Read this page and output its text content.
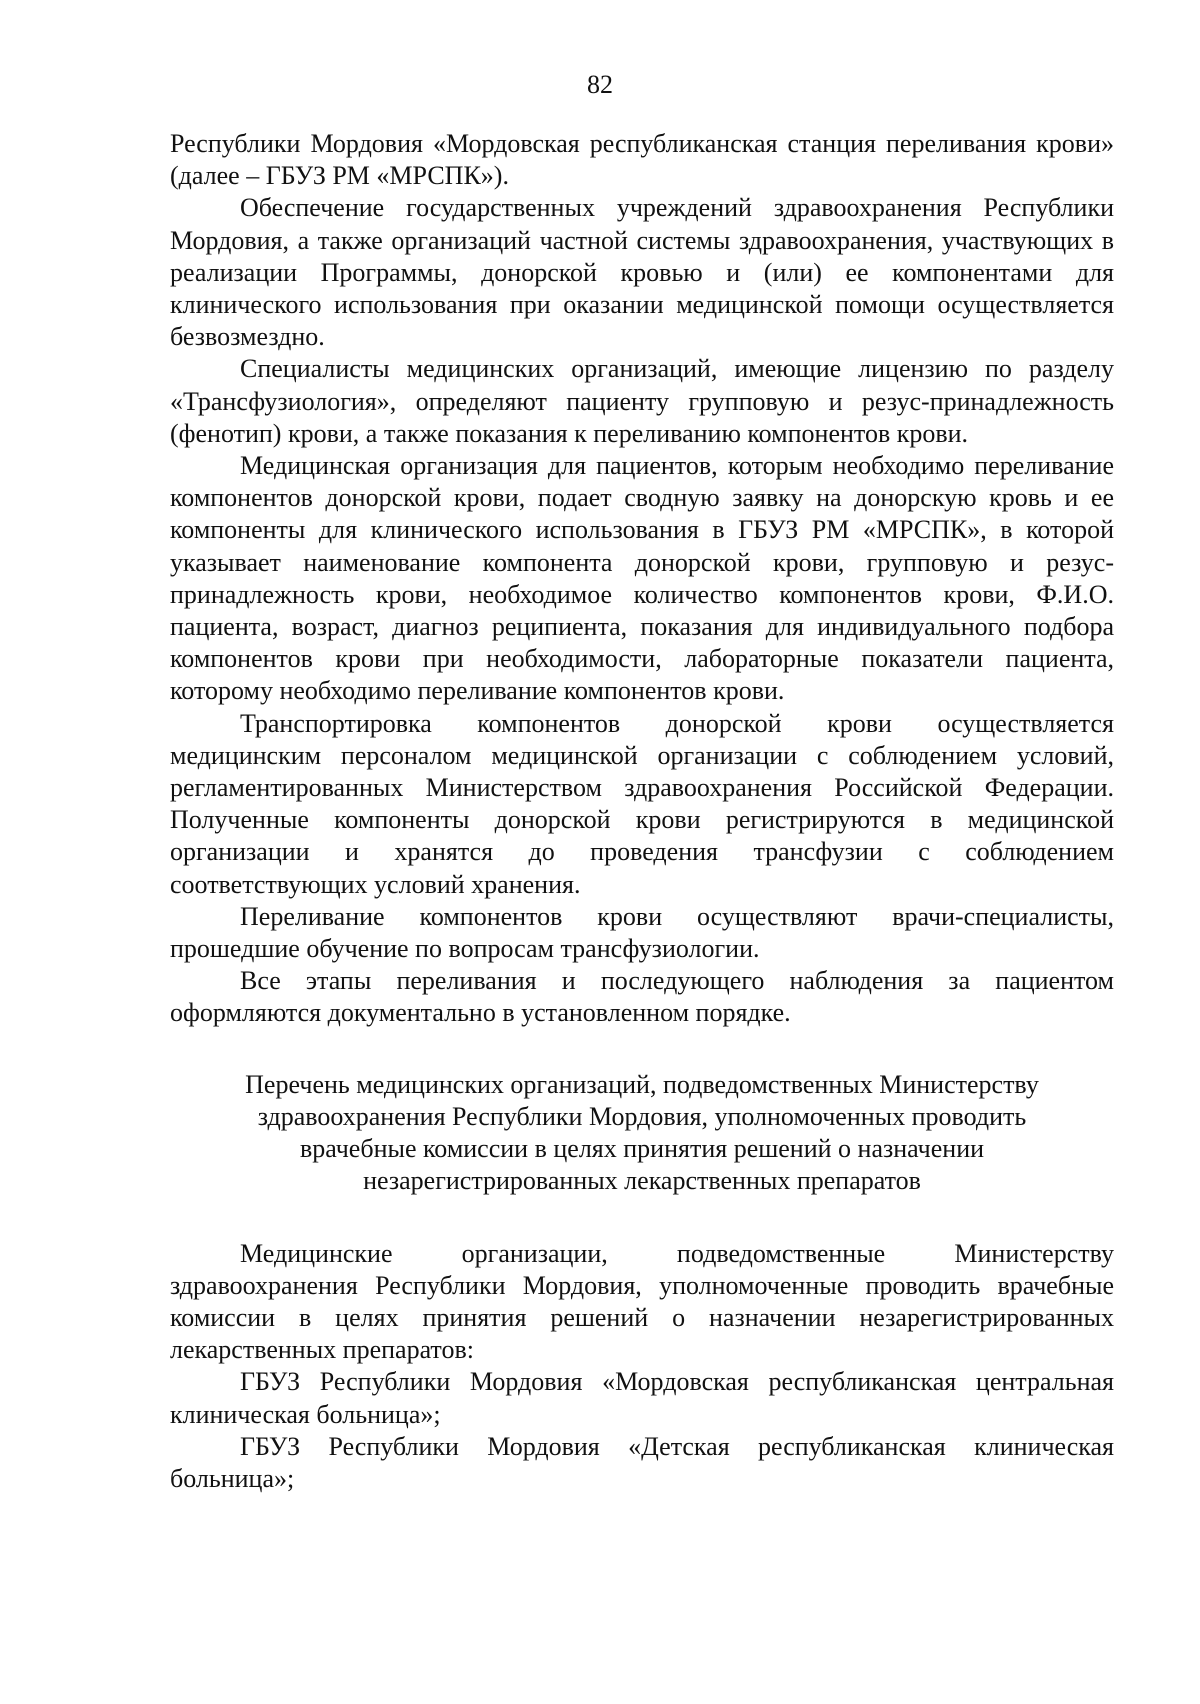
82

Республики Мордовия «Мордовская республиканская станция переливания крови» (далее – ГБУЗ РМ «МРСПК»).

Обеспечение государственных учреждений здравоохранения Республики Мордовия, а также организаций частной системы здравоохранения, участвующих в реализации Программы, донорской кровью и (или) ее компонентами для клинического использования при оказании медицинской помощи осуществляется безвозмездно.

Специалисты медицинских организаций, имеющие лицензию по разделу «Трансфузиология», определяют пациенту групповую и резус-принадлежность (фенотип) крови, а также показания к переливанию компонентов крови.

Медицинская организация для пациентов, которым необходимо переливание компонентов донорской крови, подает сводную заявку на донорскую кровь и ее компоненты для клинического использования в ГБУЗ РМ «МРСПК», в которой указывает наименование компонента донорской крови, групповую и резус-принадлежность крови, необходимое количество компонентов крови, Ф.И.О. пациента, возраст, диагноз реципиента, показания для индивидуального подбора компонентов крови при необходимости, лабораторные показатели пациента, которому необходимо переливание компонентов крови.

Транспортировка компонентов донорской крови осуществляется медицинским персоналом медицинской организации с соблюдением условий, регламентированных Министерством здравоохранения Российской Федерации. Полученные компоненты донорской крови регистрируются в медицинской организации и хранятся до проведения трансфузии с соблюдением соответствующих условий хранения.

Переливание компонентов крови осуществляют врачи-специалисты, прошедшие обучение по вопросам трансфузиологии.

Все этапы переливания и последующего наблюдения за пациентом оформляются документально в установленном порядке.

Перечень медицинских организаций, подведомственных Министерству здравоохранения Республики Мордовия, уполномоченных проводить врачебные комиссии в целях принятия решений о назначении незарегистрированных лекарственных препаратов

Медицинские организации, подведомственные Министерству здравоохранения Республики Мордовия, уполномоченные проводить врачебные комиссии в целях принятия решений о назначении незарегистрированных лекарственных препаратов:

ГБУЗ Республики Мордовия «Мордовская республиканская центральная клиническая больница»;

ГБУЗ Республики Мордовия «Детская республиканская клиническая больница»;
